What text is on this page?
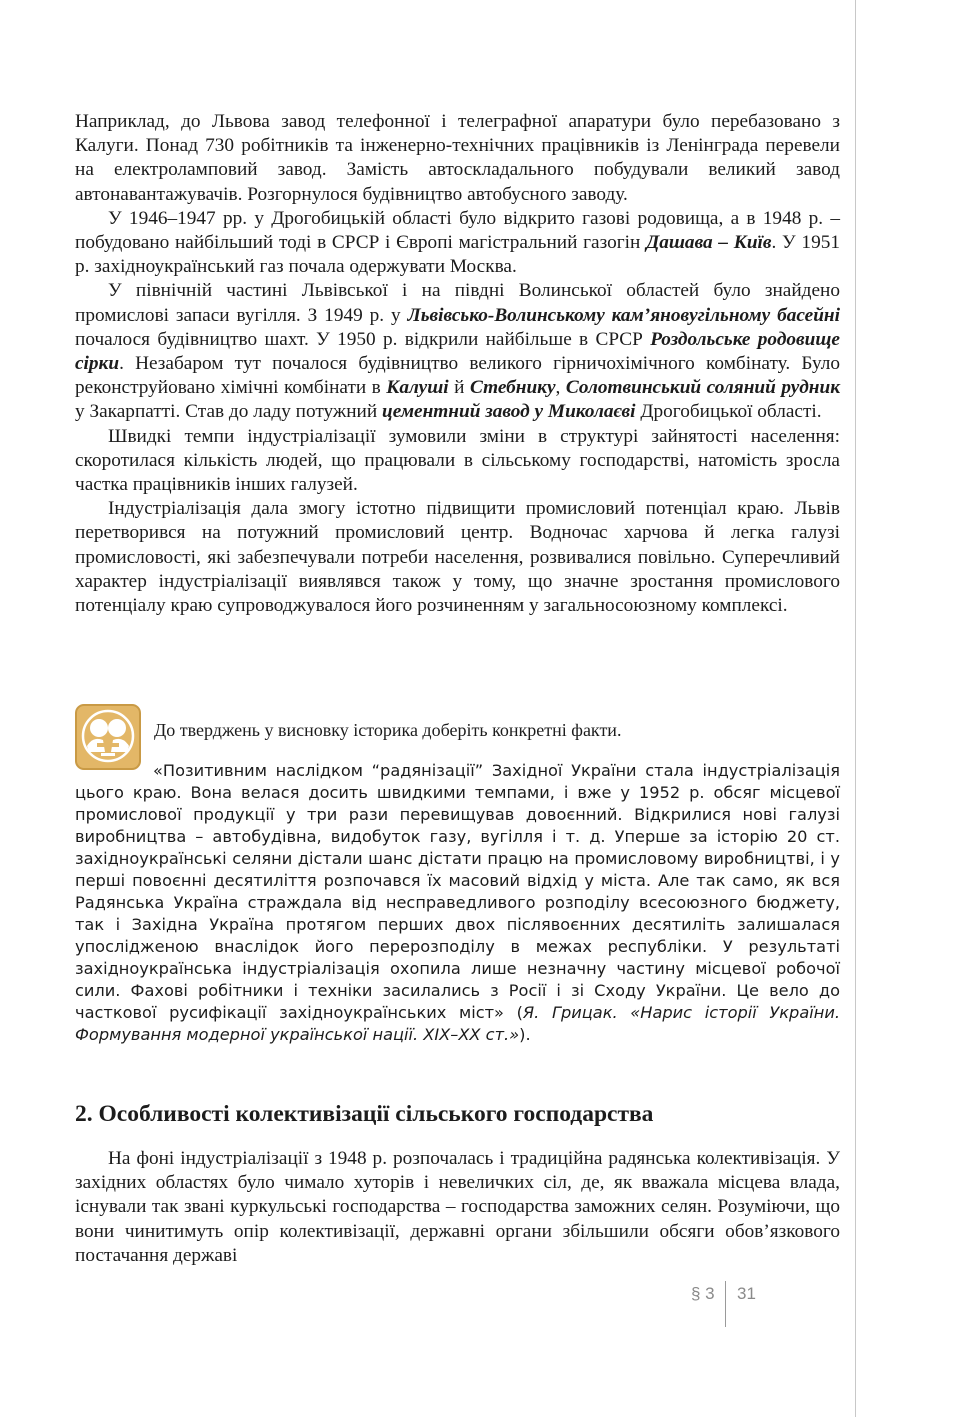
Наприклад, до Львова завод телефонної і телеграфної апаратури було перебазовано з Калуги. Понад 730 робітників та інженерно-технічних працівників із Ленінграда перевели на електроламповий завод. Замість автоскладального побудували великий завод автонавантажувачів. Розгорнулося будівництво автобусного заводу.

У 1946–1947 рр. у Дрогобицькій області було відкрито газові родовища, а в 1948 р. – побудовано найбільший тоді в СРСР і Європі магістральний газогін Дашава – Київ. У 1951 р. західноукраїнський газ почала одержувати Москва.

У північній частині Львівської і на півдні Волинської областей було знайдено промислові запаси вугілля. З 1949 р. у Львівсько-Волинському кам’яновугільному басейні почалося будівництво шахт. У 1950 р. відкрили найбільше в СРСР Роздольське родовище сірки. Незабаром тут почалося будівництво великого гірничохімічного комбінату. Було реконструйовано хімічні комбінати в Калуші й Стебнику, Солотвинський соляний рудник у Закарпатті. Став до ладу потужний цементний завод у Миколаєві Дрогобицької області.

Швидкі темпи індустріалізації зумовили зміни в структурі зайнятості населення: скоротилася кількість людей, що працювали в сільському господарстві, натомість зросла частка працівників інших галузей.

Індустріалізація дала змогу істотно підвищити промисловий потенціал краю. Львів перетворився на потужний промисловий центр. Водночас харчова й легка галузі промисловості, які забезпечували потреби населення, розвивалися повільно. Суперечливий характер індустріалізації виявлявся також у тому, що значне зростання промислового потенціалу краю супроводжувалося його розчиненням у загальносоюзному комплексі.

До тверджень у висновку історика доберіть конкретні факти.

«Позитивним наслідком “радянізації” Західної України стала індустріалізація цього краю. Вона велася досить швидкими темпами, і вже у 1952 р. обсяг місцевої промислової продукції у три рази перевищував довоєнний. Відкрилися нові галузі виробництва – автобудівна, видобуток газу, вугілля і т. д. Уперше за історію 20 ст. західноукраїнські селяни дістали шанс дістати працю на промисловому виробництві, і у перші повоєнні десятиліття розпочався їх масовий відхід у міста. Але так само, як вся Радянська Україна страждала від несправедливого розподілу всесоюзного бюджету, так і Західна Україна протягом перших двох післявоєнних десятиліть залишалася упослідженою внаслідок його перерозподілу в межах республіки. У результаті західноукраїнська індустріалізація охопила лише незначну частину місцевої робочої сили. Фахові робітники і техніки засилались з Росії і зі Сходу України. Це вело до часткової русифікації західноукраїнських міст» (Я. Грицак. «Нарис історії України. Формування модерної української нації. XIX–XX ст.»).

2. Особливості колективізації сільського господарства

На фоні індустріалізації з 1948 р. розпочалась і традиційна радянська колективізація. У західних областях було чимало хуторів і невеличких сіл, де, як вважала місцева влада, існували так звані куркульські господарства – господарства заможних селян. Розуміючи, що вони чинитимуть опір колективізації, державні органи збільшили обсяги обов’язкового постачання державі

§ 3 31
